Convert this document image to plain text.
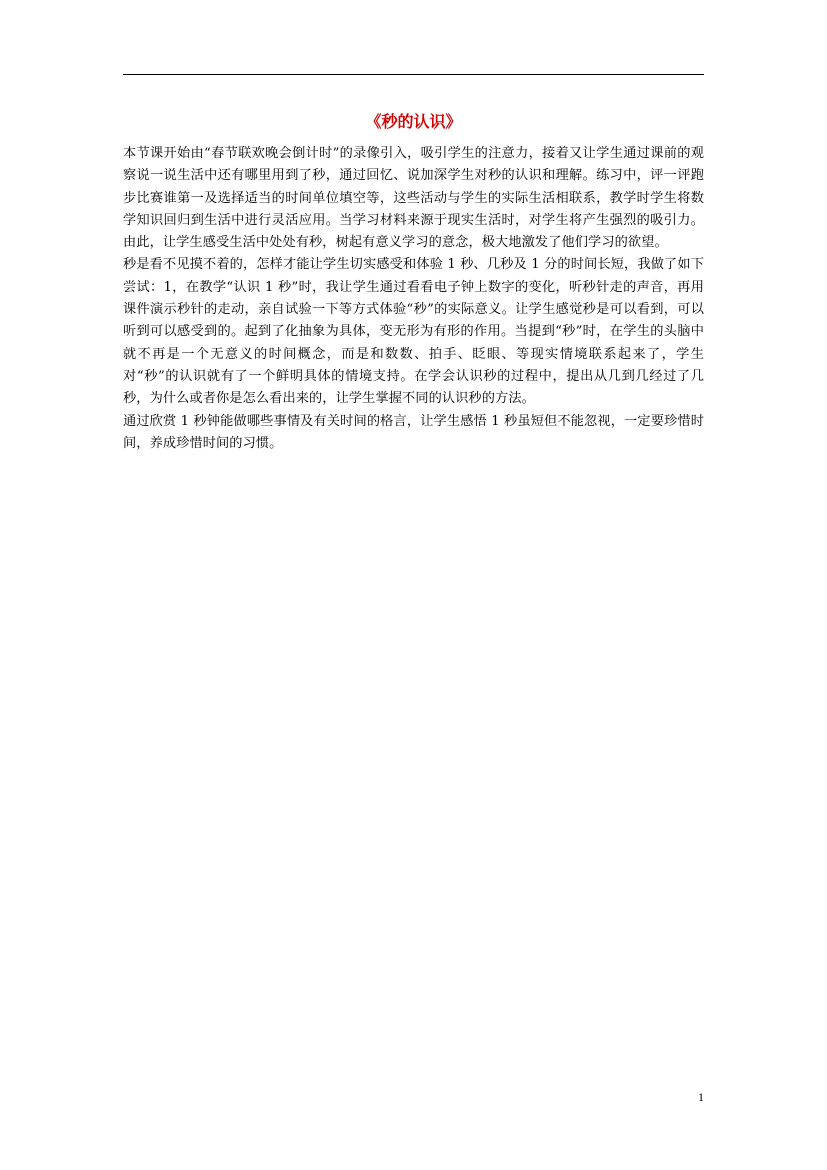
《秒的认识》

本节课开始由“春节联欢晚会倒计时”的录像引入，吸引学生的注意力，接着又让学生通过课前的观察说一说生活中还有哪里用到了秒，通过回忆、说加深学生对秒的认识和理解。练习中，评一评跑步比赛谁第一及选择适当的时间单位填空等，这些活动与学生的实际生活相联系，教学时学生将数学知识回归到生活中进行灵活应用。当学习材料来源于现实生活时，对学生将产生强烈的吸引力。由此，让学生感受生活中处处有秒，树起有意义学习的意念，极大地激发了他们学习的欲望。

秒是看不见摸不着的，怎样才能让学生切实感受和体验 1 秒、几秒及 1 分的时间长短，我做了如下尝试：1，在教学“认识 1 秒”时，我让学生通过看看电子钟上数字的变化，听秒针走的声音，再用课件演示秒针的走动，亲自试验一下等方式体验“秒”的实际意义。让学生感觉秒是可以看到，可以听到可以感受到的。起到了化抽象为具体，变无形为有形的作用。当提到“秒”时，在学生的头脑中就不再是一个无意义的时间概念，而是和数数、拍手、眨眼、等现实情境联系起来了，学生对“秒”的认识就有了一个鲜明具体的情境支持。在学会认识秒的过程中，提出从几到几经过了几秒，为什么或者你是怎么看出来的，让学生掌握不同的认识秒的方法。

通过欣赏 1 秒钟能做哪些事情及有关时间的格言，让学生感悟 1 秒虽短但不能忽视，一定要珍惜时间，养成珍惜时间的习惯。

1
